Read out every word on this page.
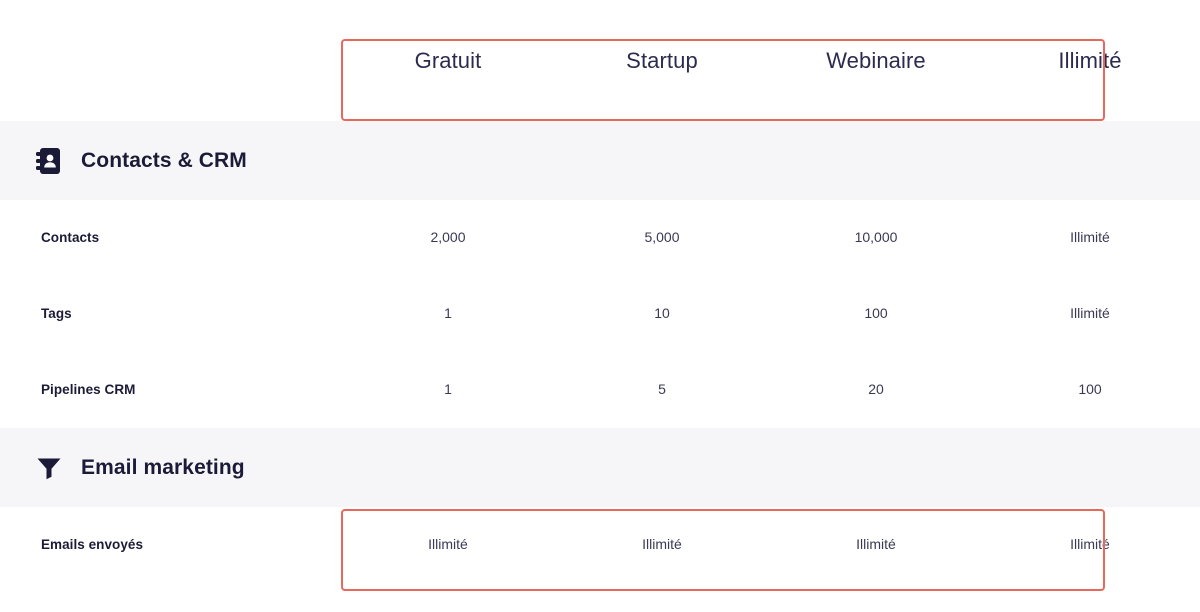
Gratuit	Startup	Webinaire	Illimité
Contacts & CRM
Contacts	2,000	5,000	10,000	Illimité
Tags	1	10	100	Illimité
Pipelines CRM	1	5	20	100
Email marketing
Emails envoyés	Illimité	Illimité	Illimité	Illimité
